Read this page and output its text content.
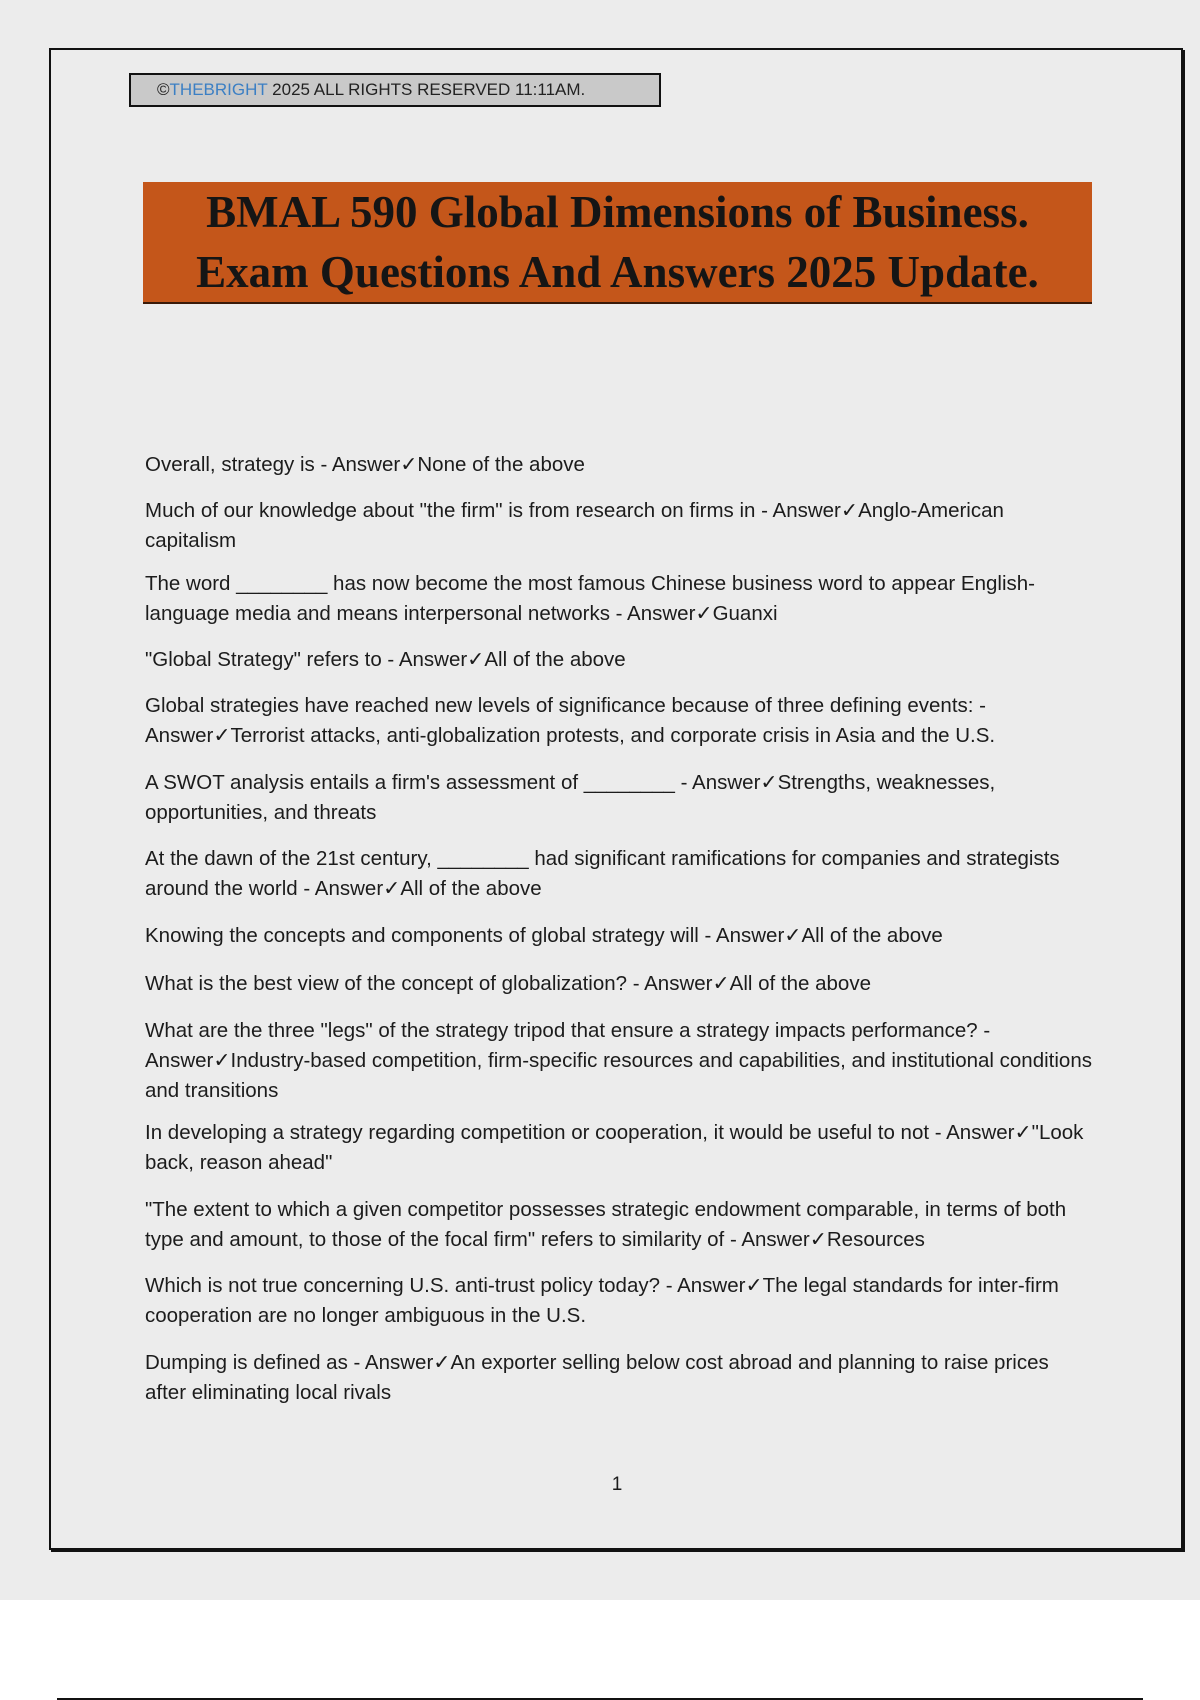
©THEBRIGHT 2025 ALL RIGHTS RESERVED 11:11AM.
BMAL 590 Global Dimensions of Business.
Exam Questions And Answers 2025 Update.
Overall, strategy is - Answer✓None of the above
Much of our knowledge about "the firm" is from research on firms in - Answer✓Anglo-American capitalism
The word ________ has now become the most famous Chinese business word to appear English-language media and means interpersonal networks - Answer✓Guanxi
"Global Strategy" refers to - Answer✓All of the above
Global strategies have reached new levels of significance because of three defining events: - Answer✓Terrorist attacks, anti-globalization protests, and corporate crisis in Asia and the U.S.
A SWOT analysis entails a firm's assessment of ________ - Answer✓Strengths, weaknesses, opportunities, and threats
At the dawn of the 21st century, ________ had significant ramifications for companies and strategists around the world - Answer✓All of the above
Knowing the concepts and components of global strategy will - Answer✓All of the above
What is the best view of the concept of globalization? - Answer✓All of the above
What are the three "legs" of the strategy tripod that ensure a strategy impacts performance? - Answer✓Industry-based competition, firm-specific resources and capabilities, and institutional conditions and transitions
In developing a strategy regarding competition or cooperation, it would be useful to not - Answer✓"Look back, reason ahead"
"The extent to which a given competitor possesses strategic endowment comparable, in terms of both type and amount, to those of the focal firm" refers to similarity of - Answer✓Resources
Which is not true concerning U.S. anti-trust policy today? - Answer✓The legal standards for inter-firm cooperation are no longer ambiguous in the U.S.
Dumping is defined as - Answer✓An exporter selling below cost abroad and planning to raise prices after eliminating local rivals
1
